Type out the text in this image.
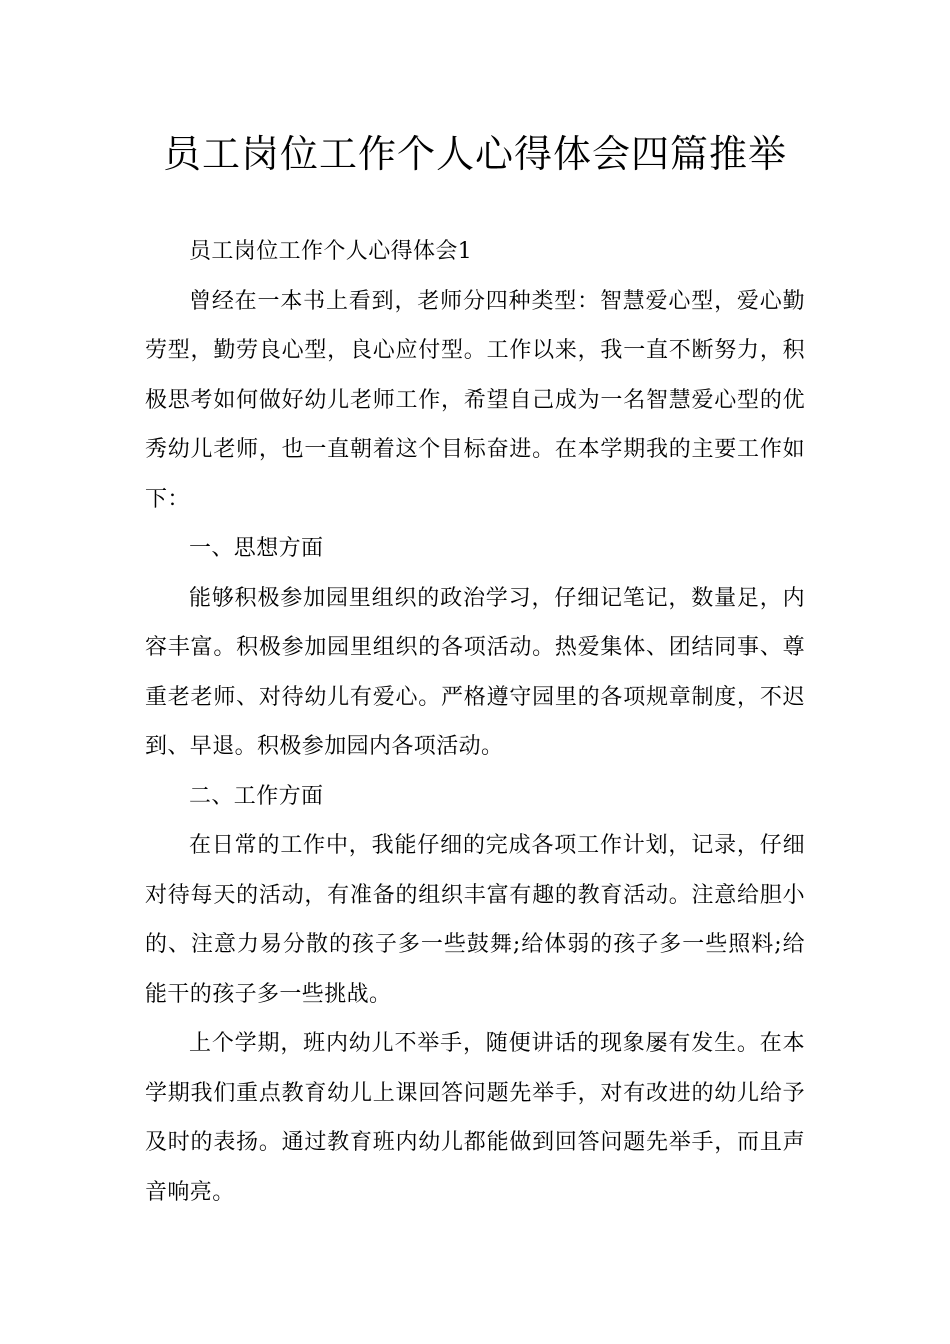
员工岗位工作个人心得体会四篇推举

员工岗位工作个人心得体会1

曾经在一本书上看到，老师分四种类型：智慧爱心型，爱心勤劳型，勤劳良心型，良心应付型。工作以来，我一直不断努力，积极思考如何做好幼儿老师工作，希望自己成为一名智慧爱心型的优秀幼儿老师，也一直朝着这个目标奋进。在本学期我的主要工作如下：

一、思想方面

能够积极参加园里组织的政治学习，仔细记笔记，数量足，内容丰富。积极参加园里组织的各项活动。热爱集体、团结同事、尊重老老师、对待幼儿有爱心。严格遵守园里的各项规章制度，不迟到、早退。积极参加园内各项活动。

二、工作方面

在日常的工作中，我能仔细的完成各项工作计划，记录，仔细对待每天的活动，有准备的组织丰富有趣的教育活动。注意给胆小的、注意力易分散的孩子多一些鼓舞;给体弱的孩子多一些照料;给能干的孩子多一些挑战。

上个学期，班内幼儿不举手，随便讲话的现象屡有发生。在本学期我们重点教育幼儿上课回答问题先举手，对有改进的幼儿给予及时的表扬。通过教育班内幼儿都能做到回答问题先举手，而且声音响亮。
